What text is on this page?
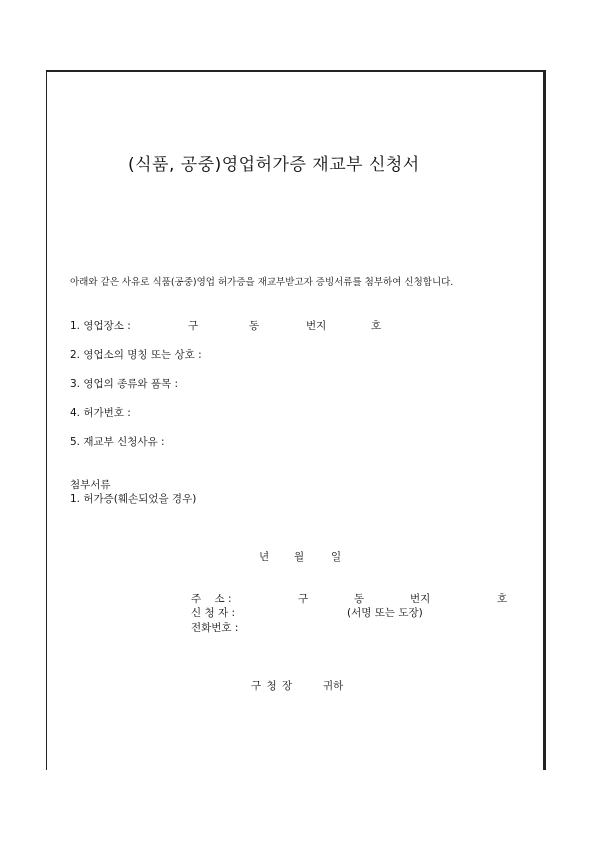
(식품, 공중)영업허가증 재교부 신청서
아래와 같은 사유로 식품(공중)영업 허가증을 재교부받고자 증빙서류를 첨부하여 신청합니다.
1. 영업장소 :	구	동	번지	호
2. 영업소의 명칭 또는 상호 :
3. 영업의 종류와 품목 :
4. 허가번호 :
5. 재교부 신청사유 :
첨부서류
1. 허가증(훼손되었을 경우)
년 월	일
주    소 :	구	동	번지	호
신 청 자 :	(서명 또는 도장)
전화번호 :
구 청 장	귀하
